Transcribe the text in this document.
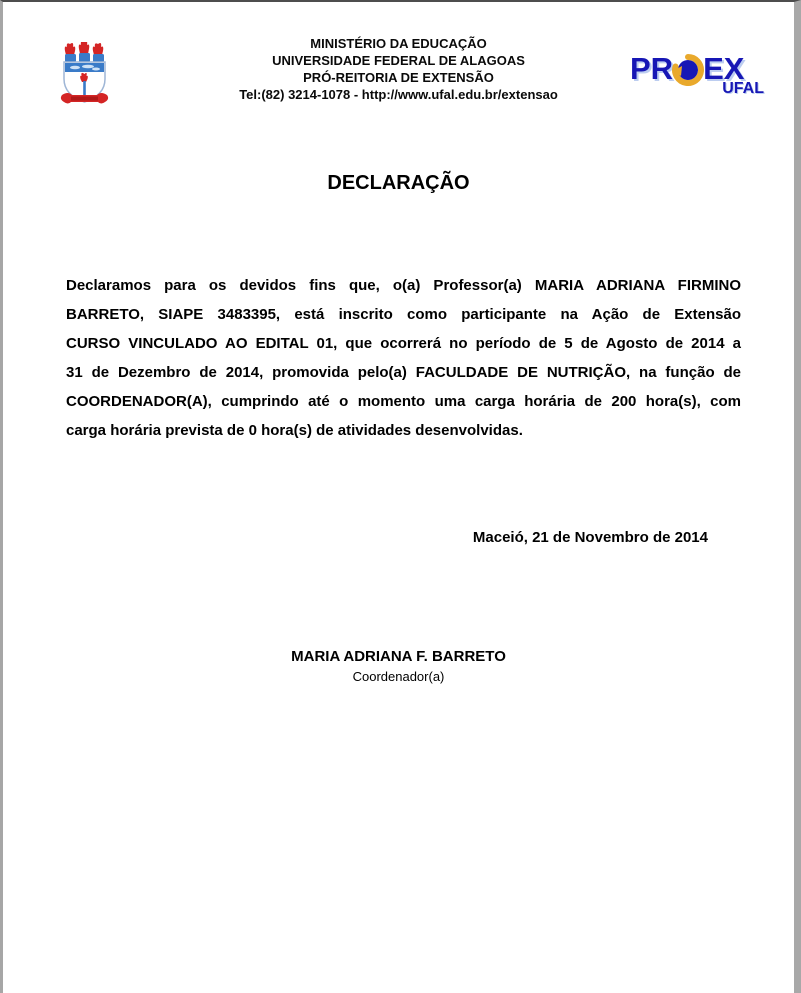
MINISTÉRIO DA EDUCAÇÃO
UNIVERSIDADE FEDERAL DE ALAGOAS
PRÓ-REITORIA DE EXTENSÃO
Tel:(82) 3214-1078 - http://www.ufal.edu.br/extensao
PR EX
UFAL
DECLARAÇÃO
Declaramos para os devidos fins que, o(a) Professor(a) MARIA ADRIANA FIRMINO
BARRETO, SIAPE 3483395, está inscrito como participante na Ação de Extensão
CURSO VINCULADO AO EDITAL 01, que ocorrerá no período de 5 de Agosto de 2014 a
31 de Dezembro de 2014, promovida pelo(a) FACULDADE DE NUTRIÇÃO, na função de
COORDENADOR(A), cumprindo até o momento uma carga horária de 200 hora(s), com
carga horária prevista de 0 hora(s) de atividades desenvolvidas.
Maceió, 21 de Novembro de 2014
MARIA ADRIANA F. BARRETO
Coordenador(a)
